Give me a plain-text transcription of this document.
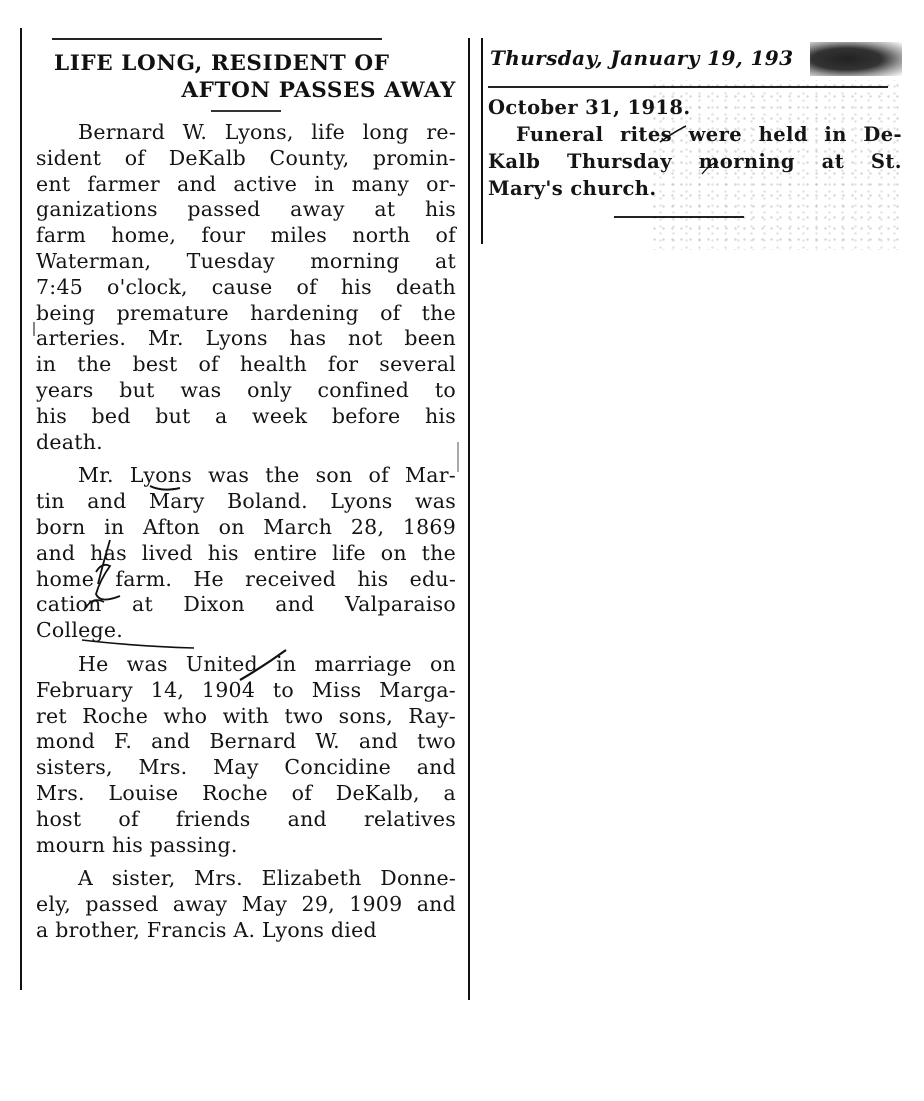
LIFE LONG, RESIDENT OF
AFTON PASSES AWAY
Bernard W. Lyons, life long re-
sident of DeKalb County, promin-
ent farmer and active in many or-
ganizations passed away at his
farm home, four miles north of
Waterman, Tuesday morning at
7:45 o'clock, cause of his death
being premature hardening of the
arteries. Mr. Lyons has not been
in the best of health for several
years but was only confined to
his bed but a week before his
death.
Mr. Lyons was the son of Mar-
tin and Mary Boland. Lyons was
born in Afton on March 28, 1869
and has lived his entire life on the
home farm. He received his edu-
cation at Dixon and Valparaiso
College.
He was United in marriage on
February 14, 1904 to Miss Marga-
ret Roche who with two sons, Ray-
mond F. and Bernard W. and two
sisters, Mrs. May Concidine and
Mrs. Louise Roche of DeKalb, a
host of friends and relatives
mourn his passing.
A sister, Mrs. Elizabeth Donne-
ely, passed away May 29, 1909 and
a brother, Francis A. Lyons died
Thursday, January 19, 193
October 31, 1918.
Funeral rites were held in De-
Kalb Thursday morning at St.
Mary's church.
